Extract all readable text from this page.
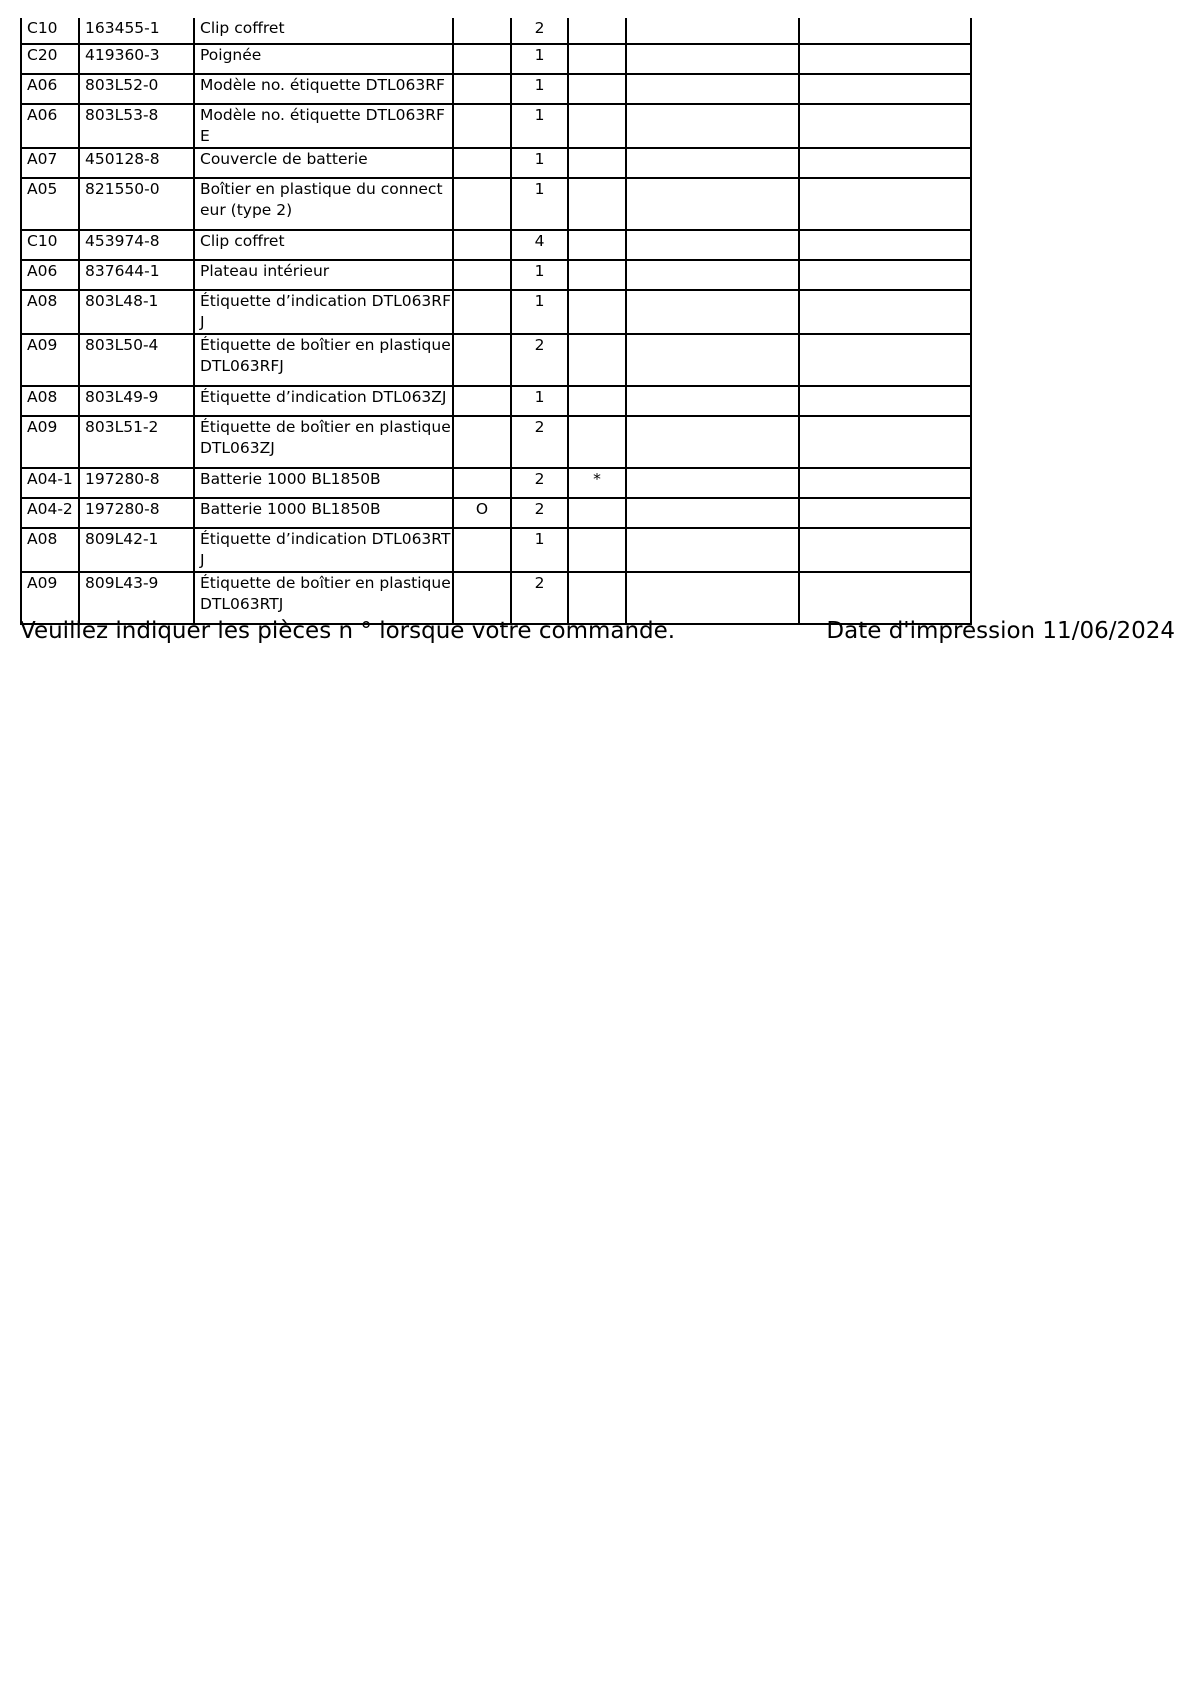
C10	163455-1	Clip coffret		2			
C20	419360-3	Poignée		1			
A06	803L52-0	Modèle no. étiquette DTL063RF		1			
A06	803L53-8	Modèle no. étiquette DTL063RFE		1			
A07	450128-8	Couvercle de batterie		1			
A05	821550-0	Boîtier en plastique du connecteur (type 2)		1			
C10	453974-8	Clip coffret		4			
A06	837644-1	Plateau intérieur		1			
A08	803L48-1	Étiquette d’indication DTL063RFJ		1			
A09	803L50-4	Étiquette de boîtier en plastique DTL063RFJ		2			
A08	803L49-9	Étiquette d’indication DTL063ZJ		1			
A09	803L51-2	Étiquette de boîtier en plastique DTL063ZJ		2			
A04-1	197280-8	Batterie 1000 BL1850B		2	*		
A04-2	197280-8	Batterie 1000 BL1850B	O	2			
A08	809L42-1	Étiquette d’indication DTL063RTJ		1			
A09	809L43-9	Étiquette de boîtier en plastique DTL063RTJ		2			
Veuillez indiquer les pièces n ° lorsque votre commande.	Date d'impression 11/06/2024
